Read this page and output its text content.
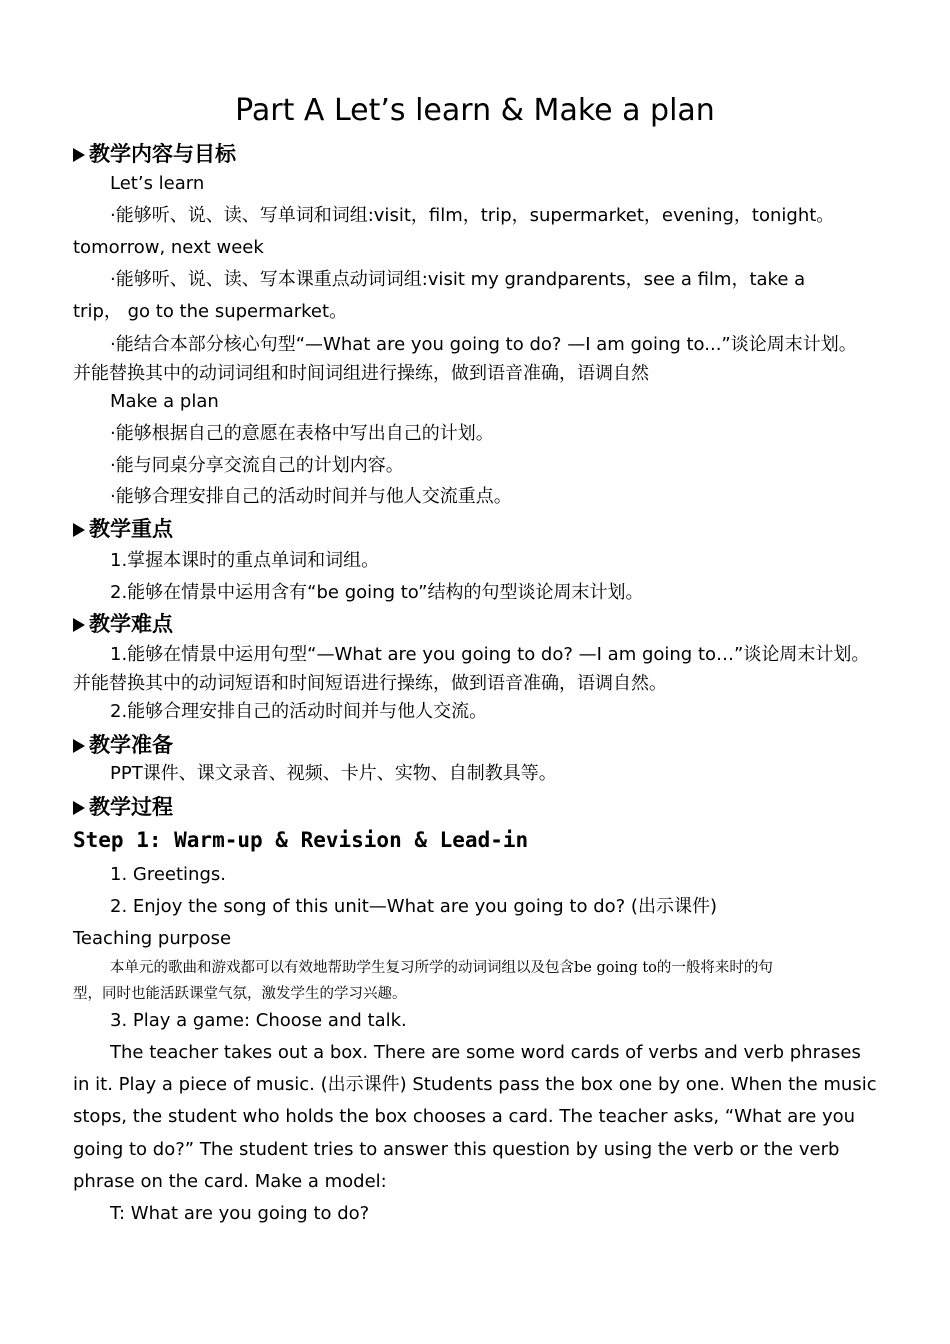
Part A Let’s learn & Make a plan
教学内容与目标
Let’s learn
·能够听、说、读、写单词和词组:visit，film，trip，supermarket，evening，tonight。
tomorrow, next week
·能够听、说、读、写本课重点动词词组:visit my grandparents，see a film，take a
trip， go to the supermarket。
·能结合本部分核心句型“—What are you going to do? —I am going to...”谈论周末计划。
并能替换其中的动词词组和时间词组进行操练，做到语音准确，语调自然
Make a plan
·能够根据自己的意愿在表格中写出自己的计划。
·能与同桌分享交流自己的计划内容。
·能够合理安排自己的活动时间并与他人交流重点。
教学重点
1.掌握本课时的重点单词和词组。
2.能够在情景中运用含有“be going to”结构的句型谈论周末计划。
教学难点
1.能够在情景中运用句型“—What are you going to do? —I am going to…”谈论周末计划。
并能替换其中的动词短语和时间短语进行操练，做到语音准确，语调自然。
2.能够合理安排自己的活动时间并与他人交流。
教学准备
PPT课件、课文录音、视频、卡片、实物、自制教具等。
教学过程
Step 1: Warm-up & Revision & Lead-in
1. Greetings.
2. Enjoy the song of this unit—What are you going to do? (出示课件)
Teaching purpose
本单元的歌曲和游戏都可以有效地帮助学生复习所学的动词词组以及包含be going to的一般将来时的句
型，同时也能活跃课堂气氛，激发学生的学习兴趣。
3. Play a game: Choose and talk.
The teacher takes out a box. There are some word cards of verbs and verb phrases
in it. Play a piece of music. (出示课件) Students pass the box one by one. When the music
stops, the student who holds the box chooses a card. The teacher asks, “What are you
going to do?” The student tries to answer this question by using the verb or the verb
phrase on the card. Make a model:
T: What are you going to do?
